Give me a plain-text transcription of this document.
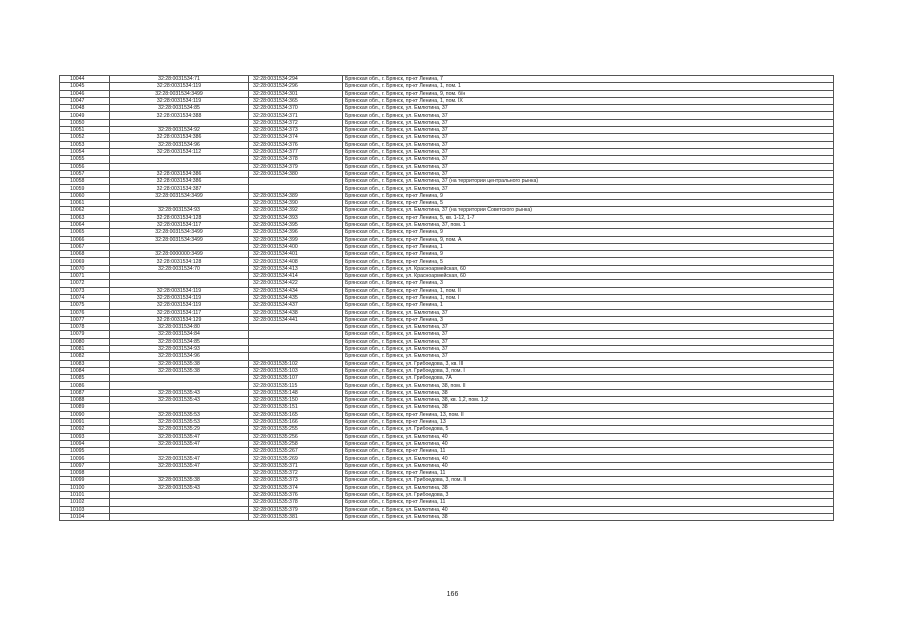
10044	32:28:0031534:71	32:28:0031534:294	Брянская обл., г. Брянск, пр-кт Ленина, 7
10045	32:28:0031534:119	32:28:0031534:296	Брянская обл., г. Брянск, пр-кт Ленина, 1, пом. 1
10046	32:28:0031534:3499	32:28:0031534:301	Брянская обл., г. Брянск, пр-кт Ленина, 9, пом. б/н
10047	32:28:0031534:119	32:28:0031534:365	Брянская обл., г. Брянск, пр-кт Ленина, 1, пом. IX
10048	32:28:0031534:85	32:28:0031534:370	Брянская обл., г. Брянск, ул. Емлютина, 37
10049	32:28:0031534:388	32:28:0031534:371	Брянская обл., г. Брянск, ул. Емлютина, 37
10050		32:28:0031534:372	Брянская обл., г. Брянск, ул. Емлютина, 37
10051	32:28:0031534:92	32:28:0031534:373	Брянская обл., г. Брянск, ул. Емлютина, 37
10052	32:28:0031534:386	32:28:0031534:374	Брянская обл., г. Брянск, ул. Емлютина, 37
10053	32:28:0031534:96	32:28:0031534:376	Брянская обл., г. Брянск, ул. Емлютина, 37
10054	32:28:0031534:112	32:28:0031534:377	Брянская обл., г. Брянск, ул. Емлютина, 37
10055		32:28:0031534:378	Брянская обл., г. Брянск, ул. Емлютина, 37
10056		32:28:0031534:379	Брянская обл., г. Брянск, ул. Емлютина, 37
10057	32:28:0031534:386	32:28:0031534:380	Брянская обл., г. Брянск, ул. Емлютина, 37
10058	32:28:0031534:386		Брянская обл., г. Брянск, ул. Емлютина, 37 (на территории центрального рынка)
10059	32:28:0031534:387		Брянская обл., г. Брянск, ул. Емлютина, 37
10060	32:28:0031534:3499	32:28:0031534:389	Брянская обл., г. Брянск, пр-кт Ленина, 9
10061		32:28:0031534:390	Брянская обл., г. Брянск, пр-кт Ленина, 5
10062	32:28:0031534:93	32:28:0031534:392	Брянская обл., г. Брянск, ул. Емлютина, 37 (на территории Советского рынка)
10063	32:28:0031534:128	32:28:0031534:393	Брянская обл., г. Брянск, пр-кт Ленина, 5, кв. 1-12, 1-7
10064	32:28:0031534:117	32:28:0031534:395	Брянская обл., г. Брянск, ул. Емлютина, 37, пом. 1
10065	32:28:0031534:3499	32:28:0031534:396	Брянская обл., г. Брянск, пр-кт Ленина, 9
10066	32:28:0031534:3499	32:28:0031534:399	Брянская обл., г. Брянск, пр-кт Ленина, 9, пом. А
10067		32:28:0031534:400	Брянская обл., г. Брянск, пр-кт Ленина, 1
10068	32:28:0000000:3499	32:28:0031534:401	Брянская обл., г. Брянск, пр-кт Ленина, 9
10069	32:28:0031534:128	32:28:0031534:408	Брянская обл., г. Брянск, пр-кт Ленина, 5
10070	32:28:0031534:70	32:28:0031534:413	Брянская обл., г. Брянск, ул. Красноармейская, 60
10071		32:28:0031534:414	Брянская обл., г. Брянск, ул. Красноармейская, 60
10072		32:28:0031534:422	Брянская обл., г. Брянск, пр-кт Ленина, 3
10073	32:28:0031534:119	32:28:0031534:434	Брянская обл., г. Брянск, пр-кт Ленина, 1, пом. II
10074	32:28:0031534:119	32:28:0031534:435	Брянская обл., г. Брянск, пр-кт Ленина, 1, пом. I
10075	32:28:0031534:119	32:28:0031534:437	Брянская обл., г. Брянск, пр-кт Ленина, 1
10076	32:28:0031534:117	32:28:0031534:438	Брянская обл., г. Брянск, ул. Емлютина, 37
10077	32:28:0031534:129	32:28:0031534:441	Брянская обл., г. Брянск, пр-кт Ленина, 3
10078	32:28:0031534:80		Брянская обл., г. Брянск, ул. Емлютина, 37
10079	32:28:0031534:84		Брянская обл., г. Брянск, ул. Емлютина, 37
10080	32:28:0031534:85		Брянская обл., г. Брянск, ул. Емлютина, 37
10081	32:28:0031534:93		Брянская обл., г. Брянск, ул. Емлютина, 37
10082	32:28:0031534:96		Брянская обл., г. Брянск, ул. Емлютина, 37
10083	32:28:0031535:38	32:28:0031535:102	Брянская обл., г. Брянск, ул. Грибоедова, 3, кв. III
10084	32:28:0031535:38	32:28:0031535:103	Брянская обл., г. Брянск, ул. Грибоедова, 3, пом. I
10085		32:28:0031535:107	Брянская обл., г. Брянск, ул. Грибоедова, 7А
10086		32:28:0031535:115	Брянская обл., г. Брянск, ул. Емлютина, 38, пом. II
10087	32:28:0031535:43	32:28:0031535:148	Брянская обл., г. Брянск, ул. Емлютина, 38
10088	32:28:0031535:43	32:28:0031535:150	Брянская обл., г. Брянск, ул. Емлютина, 38, кв. 1,2, пом. 1,2
10089		32:28:0031535:151	Брянская обл., г. Брянск, ул. Емлютина, 38
10090	32:28:0031535:53	32:28:0031535:165	Брянская обл., г. Брянск, пр-кт Ленина, 13, пом. II
10091	32:28:0031535:53	32:28:0031535:166	Брянская обл., г. Брянск, пр-кт Ленина, 13
10092	32:28:0031535:29	32:28:0031535:255	Брянская обл., г. Брянск, ул. Грибоедова, 5
10093	32:28:0031535:47	32:28:0031535:256	Брянская обл., г. Брянск, ул. Емлютина, 40
10094	32:28:0031535:47	32:28:0031535:258	Брянская обл., г. Брянск, ул. Емлютина, 40
10095		32:28:0031535:267	Брянская обл., г. Брянск, пр-кт Ленина, 11
10096	32:28:0031535:47	32:28:0031535:269	Брянская обл., г. Брянск, ул. Емлютина, 40
10097	32:28:0031535:47	32:28:0031535:371	Брянская обл., г. Брянск, ул. Емлютина, 40
10098		32:28:0031535:372	Брянская обл., г. Брянск, пр-кт Ленина, 11
10099	32:28:0031535:38	32:28:0031535:373	Брянская обл., г. Брянск, ул. Грибоедова, 3, пом. II
10100	32:28:0031535:43	32:28:0031535:374	Брянская обл., г. Брянск, ул. Емлютина, 38
10101		32:28:0031535:376	Брянская обл., г. Брянск, ул. Грибоедова, 3
10102		32:28:0031535:378	Брянская обл., г. Брянск, пр-кт Ленина, 11
10103		32:28:0031535:379	Брянская обл., г. Брянск, ул. Емлютина, 40
10104		32:28:0031535:381	Брянская обл., г. Брянск, ул. Емлютина, 38
166
